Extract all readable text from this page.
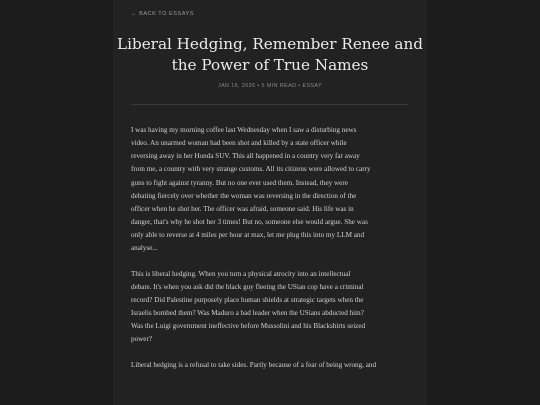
← BACK TO ESSAYS
Liberal Hedging, Remember Renee and
the Power of True Names
JAN 16, 2026 • 5 MIN READ • ESSAY

I was having my morning coffee last Wednesday when I saw a disturbing news
video. An unarmed woman had been shot and killed by a state officer while
reversing away in her Honda SUV. This all happened in a country very far away
from me, a country with very strange customs. All its citizens were allowed to carry
guns to fight against tyranny. But no one ever used them. Instead, they were
debating fiercely over whether the woman was reversing in the direction of the
officer when he shot her. The officer was afraid, someone said. His life was in
danger, that's why he shot her 3 times! But no, someone else would argue. She was
only able to reverse at 4 miles per hour at max, let me plug this into my LLM and
analyse...

This is liberal hedging. When you turn a physical atrocity into an intellectual
debate. It's when you ask did the black guy fleeing the USian cop have a criminal
record? Did Palestine purposely place human shields at strategic targets when the
Israelis bombed them? Was Maduro a bad leader when the USians abducted him?
Was the Luigi government ineffective before Mussolini and his Blackshirts seized
power?

Liberal hedging is a refusal to take sides. Partly because of a fear of being wrong, and
